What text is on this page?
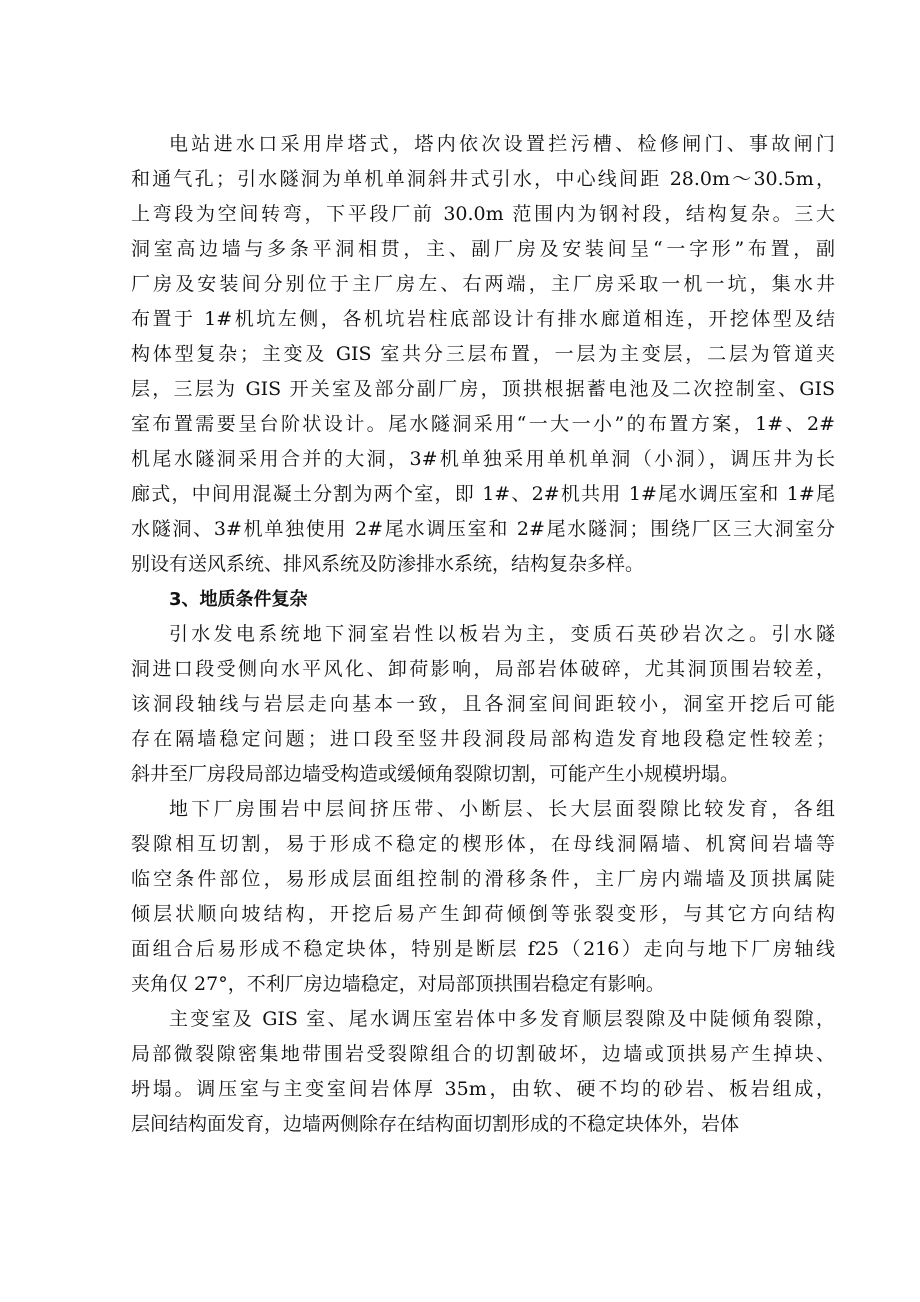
电站进水口采用岸塔式，塔内依次设置拦污槽、检修闸门、事故闸门
和通气孔；引水隧洞为单机单洞斜井式引水，中心线间距 28.0m～30.5m，
上弯段为空间转弯，下平段厂前 30.0m 范围内为钢衬段，结构复杂。三大
洞室高边墙与多条平洞相贯，主、副厂房及安装间呈“一字形”布置，副
厂房及安装间分别位于主厂房左、右两端，主厂房采取一机一坑，集水井
布置于 1#机坑左侧，各机坑岩柱底部设计有排水廊道相连，开挖体型及结
构体型复杂；主变及 GIS 室共分三层布置，一层为主变层，二层为管道夹
层，三层为 GIS 开关室及部分副厂房，顶拱根据蓄电池及二次控制室、GIS
室布置需要呈台阶状设计。尾水隧洞采用“一大一小”的布置方案，1#、2#
机尾水隧洞采用合并的大洞，3#机单独采用单机单洞（小洞），调压井为长
廊式，中间用混凝土分割为两个室，即 1#、2#机共用 1#尾水调压室和 1#尾
水隧洞、3#机单独使用 2#尾水调压室和 2#尾水隧洞；围绕厂区三大洞室分
别设有送风系统、排风系统及防渗排水系统，结构复杂多样。
3、地质条件复杂
引水发电系统地下洞室岩性以板岩为主，变质石英砂岩次之。引水隧
洞进口段受侧向水平风化、卸荷影响，局部岩体破碎，尤其洞顶围岩较差，
该洞段轴线与岩层走向基本一致，且各洞室间间距较小，洞室开挖后可能
存在隔墙稳定问题；进口段至竖井段洞段局部构造发育地段稳定性较差；
斜井至厂房段局部边墙受构造或缓倾角裂隙切割，可能产生小规模坍塌。
地下厂房围岩中层间挤压带、小断层、长大层面裂隙比较发育，各组
裂隙相互切割，易于形成不稳定的楔形体，在母线洞隔墙、机窝间岩墙等
临空条件部位，易形成层面组控制的滑移条件，主厂房内端墙及顶拱属陡
倾层状顺向坡结构，开挖后易产生卸荷倾倒等张裂变形，与其它方向结构
面组合后易形成不稳定块体，特别是断层 f25（216）走向与地下厂房轴线
夹角仅 27°，不利厂房边墙稳定，对局部顶拱围岩稳定有影响。
主变室及 GIS 室、尾水调压室岩体中多发育顺层裂隙及中陡倾角裂隙，
局部微裂隙密集地带围岩受裂隙组合的切割破坏，边墙或顶拱易产生掉块、
坍塌。调压室与主变室间岩体厚 35m，由软、硬不均的砂岩、板岩组成，
层间结构面发育，边墙两侧除存在结构面切割形成的不稳定块体外，岩体
